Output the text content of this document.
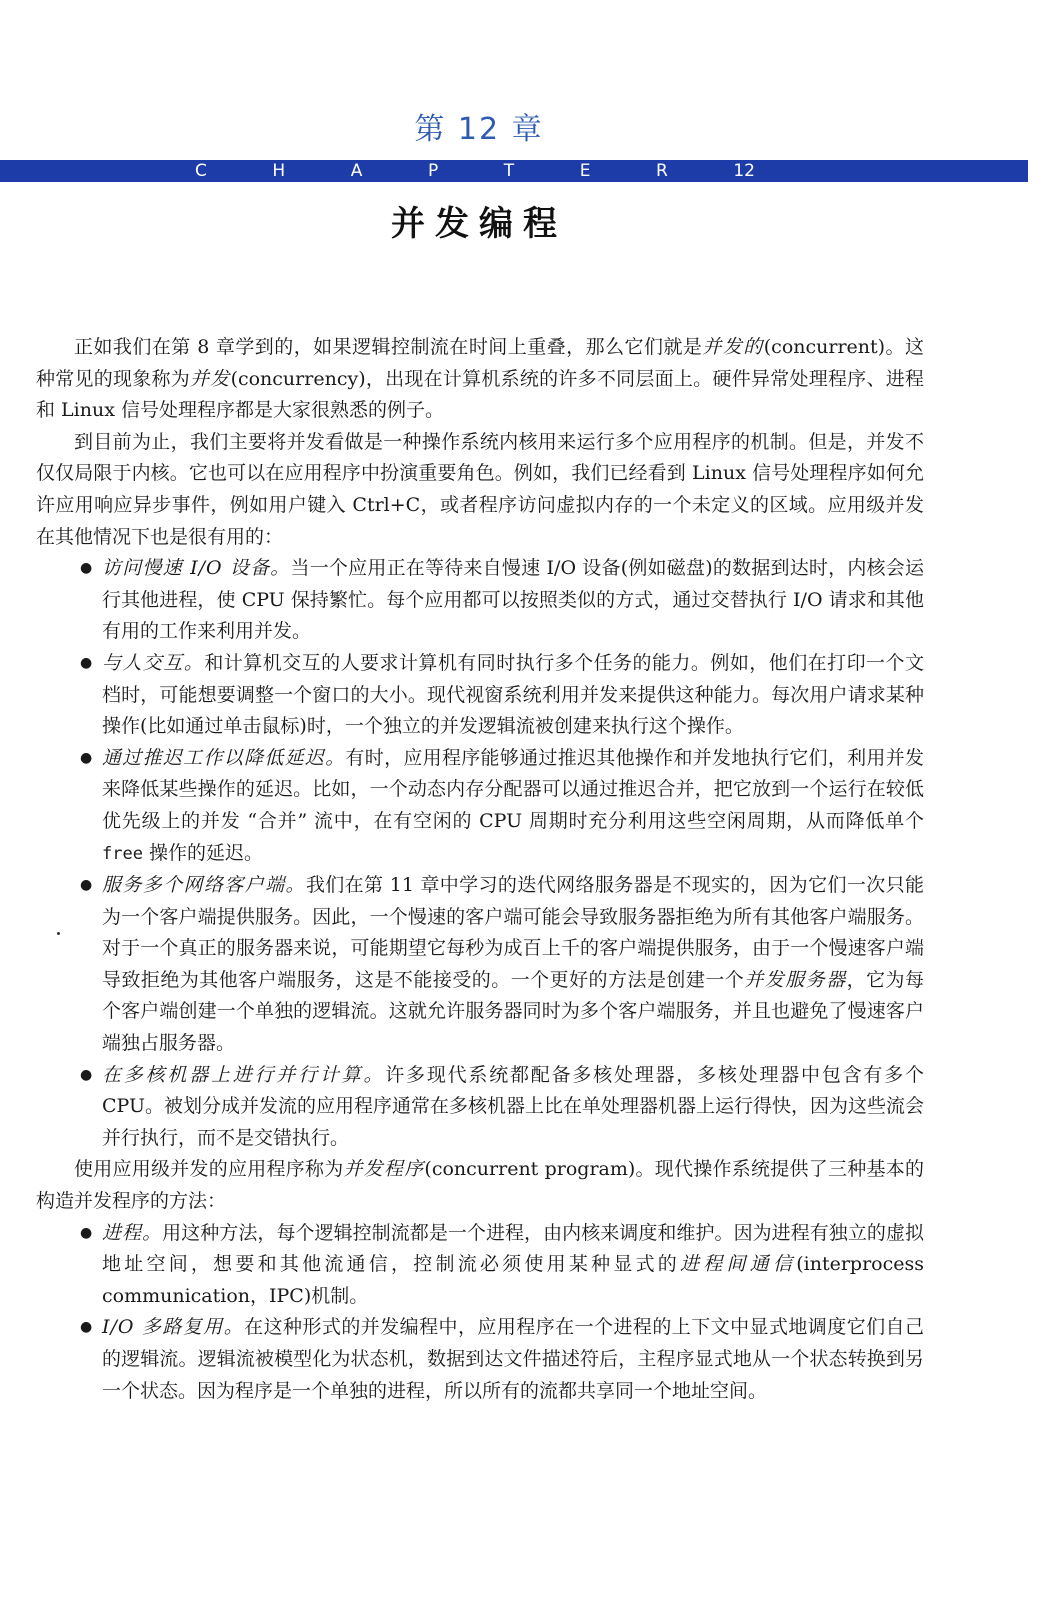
第 12 章
C	H	A	P	T	E	R	12
并发编程

正如我们在第 8 章学到的，如果逻辑控制流在时间上重叠，那么它们就是并发的(concurrent)。这种常见的现象称为并发(concurrency)，出现在计算机系统的许多不同层面上。硬件异常处理程序、进程和 Linux 信号处理程序都是大家很熟悉的例子。

到目前为止，我们主要将并发看做是一种操作系统内核用来运行多个应用程序的机制。但是，并发不仅仅局限于内核。它也可以在应用程序中扮演重要角色。例如，我们已经看到 Linux 信号处理程序如何允许应用响应异步事件，例如用户键入 Ctrl+C，或者程序访问虚拟内存的一个未定义的区域。应用级并发在其他情况下也是很有用的：

● 访问慢速 I/O 设备。当一个应用正在等待来自慢速 I/O 设备(例如磁盘)的数据到达时，内核会运行其他进程，使 CPU 保持繁忙。每个应用都可以按照类似的方式，通过交替执行 I/O 请求和其他有用的工作来利用并发。
● 与人交互。和计算机交互的人要求计算机有同时执行多个任务的能力。例如，他们在打印一个文档时，可能想要调整一个窗口的大小。现代视窗系统利用并发来提供这种能力。每次用户请求某种操作(比如通过单击鼠标)时，一个独立的并发逻辑流被创建来执行这个操作。
● 通过推迟工作以降低延迟。有时，应用程序能够通过推迟其他操作和并发地执行它们，利用并发来降低某些操作的延迟。比如，一个动态内存分配器可以通过推迟合并，把它放到一个运行在较低优先级上的并发 “合并” 流中，在有空闲的 CPU 周期时充分利用这些空闲周期，从而降低单个 free 操作的延迟。
● 服务多个网络客户端。我们在第 11 章中学习的迭代网络服务器是不现实的，因为它们一次只能为一个客户端提供服务。因此，一个慢速的客户端可能会导致服务器拒绝为所有其他客户端服务。对于一个真正的服务器来说，可能期望它每秒为成百上千的客户端提供服务，由于一个慢速客户端导致拒绝为其他客户端服务，这是不能接受的。一个更好的方法是创建一个并发服务器，它为每个客户端创建一个单独的逻辑流。这就允许服务器同时为多个客户端服务，并且也避免了慢速客户端独占服务器。
● 在多核机器上进行并行计算。许多现代系统都配备多核处理器，多核处理器中包含有多个 CPU。被划分成并发流的应用程序通常在多核机器上比在单处理器机器上运行得快，因为这些流会并行执行，而不是交错执行。

使用应用级并发的应用程序称为并发程序(concurrent program)。现代操作系统提供了三种基本的构造并发程序的方法：

● 进程。用这种方法，每个逻辑控制流都是一个进程，由内核来调度和维护。因为进程有独立的虚拟地址空间，想要和其他流通信，控制流必须使用某种显式的进程间通信(interprocess communication，IPC)机制。
● I/O 多路复用。在这种形式的并发编程中，应用程序在一个进程的上下文中显式地调度它们自己的逻辑流。逻辑流被模型化为状态机，数据到达文件描述符后，主程序显式地从一个状态转换到另一个状态。因为程序是一个单独的进程，所以所有的流都共享同一个地址空间。
